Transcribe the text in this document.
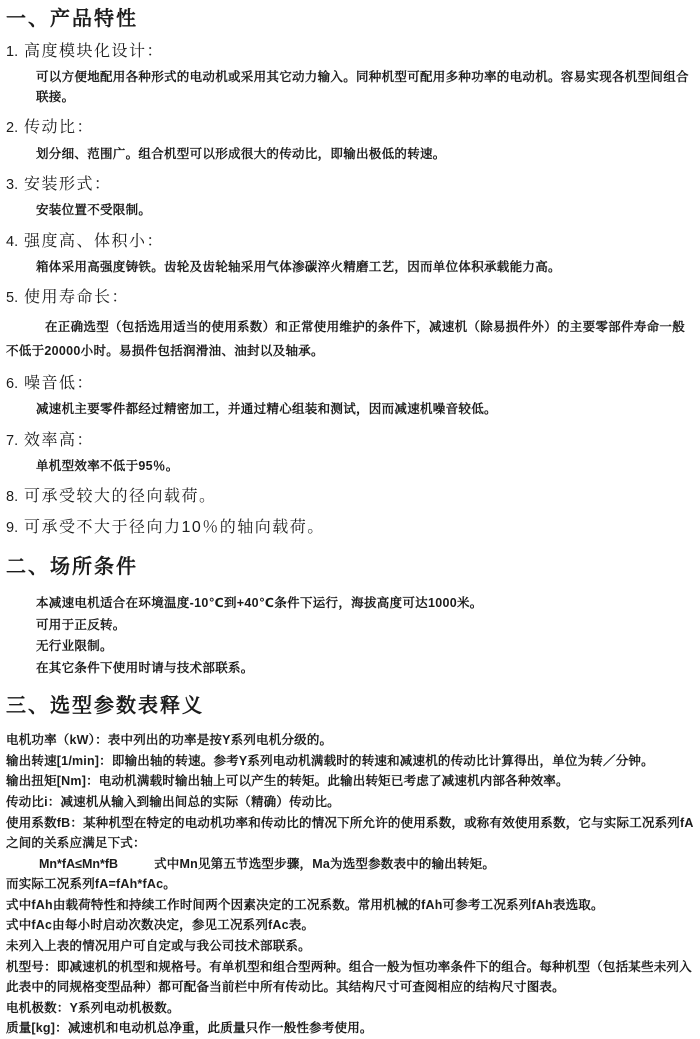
一、产品特性
1. 高度模块化设计：

可以方便地配用各种形式的电动机或采用其它动力输入。同种机型可配用多种功率的电动机。容易实现各机型间组合联接。

2. 传动比：

划分细、范围广。组合机型可以形成很大的传动比，即输出极低的转速。

3. 安装形式：

安装位置不受限制。

4. 强度高、体积小：

箱体采用高强度铸铁。齿轮及齿轮轴采用气体渗碳淬火精磨工艺，因而单位体积承载能力高。

5. 使用寿命长：

在正确选型（包括选用适当的使用系数）和正常使用维护的条件下，减速机（除易损件外）的主要零部件寿命一般不低于20000小时。易损件包括润滑油、油封以及轴承。

6. 噪音低：

减速机主要零件都经过精密加工，并通过精心组装和测试，因而减速机噪音较低。

7. 效率高：

单机型效率不低于95％。

8. 可承受较大的径向载荷。
9. 可承受不大于径向力10％的轴向载荷。
二、场所条件

本减速电机适合在环境温度-10℃到+40℃条件下运行，海拔高度可达1000米。

可用于正反转。

无行业限制。

在其它条件下使用时请与技术部联系。

三、选型参数表释义

电机功率（kW）：表中列出的功率是按Y系列电机分级的。

输出转速[1/min]：即输出轴的转速。参考Y系列电动机满载时的转速和减速机的传动比计算得出，单位为转／分钟。

输出扭矩[Nm]：电动机满载时输出轴上可以产生的转矩。此输出转矩已考虑了减速机内部各种效率。

传动比i：减速机从输入到输出间总的实际（精确）传动比。

使用系数fB：某种机型在特定的电动机功率和传动比的情况下所允许的使用系数，或称有效使用系数，它与实际工况系列fA之间的关系应满足下式：

Mn*fA≤Mn*fB	式中Mn见第五节选型步骤，Ma为选型参数表中的输出转矩。

而实际工况系列fA=fAh*fAc。

式中fAh由载荷特性和持续工作时间两个因素决定的工况系数。常用机械的fAh可参考工况系列fAh表选取。

式中fAc由每小时启动次数决定，参见工况系列fAc表。

未列入上表的情况用户可自定或与我公司技术部联系。

机型号：即减速机的机型和规格号。有单机型和组合型两种。组合一般为恒功率条件下的组合。每种机型（包括某些未列入此表中的同规格变型品种）都可配备当前栏中所有传动比。其结构尺寸可查阅相应的结构尺寸图表。

电机极数：Y系列电动机极数。

质量[kg]：减速机和电动机总净重，此质量只作一般性参考使用。
